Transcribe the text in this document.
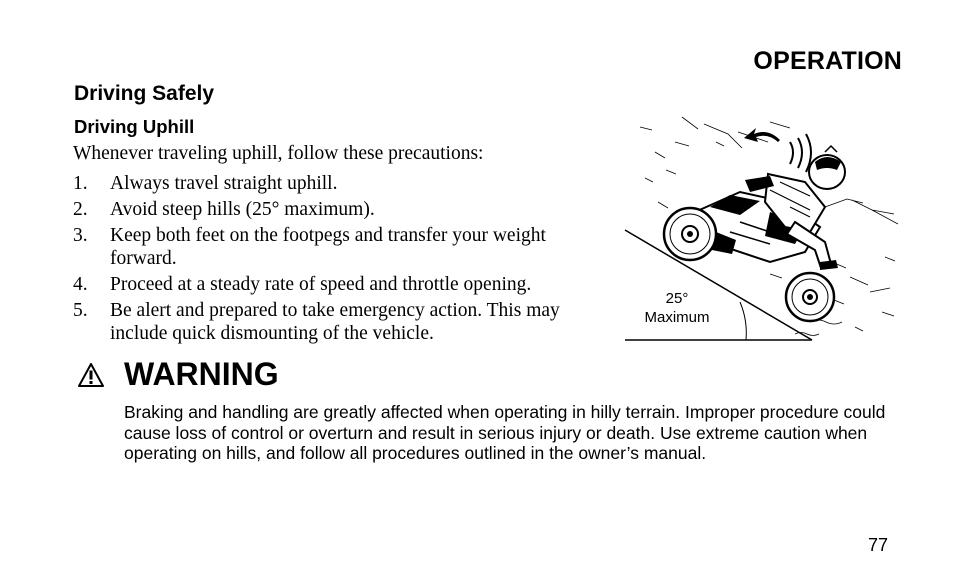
OPERATION
Driving Safely
Driving Uphill
Whenever traveling uphill, follow these precautions:
1. Always travel straight uphill.
2. Avoid steep hills (25° maximum).
3. Keep both feet on the footpegs and transfer your weight forward.
4. Proceed at a steady rate of speed and throttle opening.
5. Be alert and prepared to take emergency action. This may include quick dismounting of the vehicle.
25°
Maximum
WARNING
Braking and handling are greatly affected when operating in hilly terrain. Improper procedure could cause loss of control or overturn and result in serious injury or death. Use extreme caution when operating on hills, and follow all procedures outlined in the owner’s manual.
77
